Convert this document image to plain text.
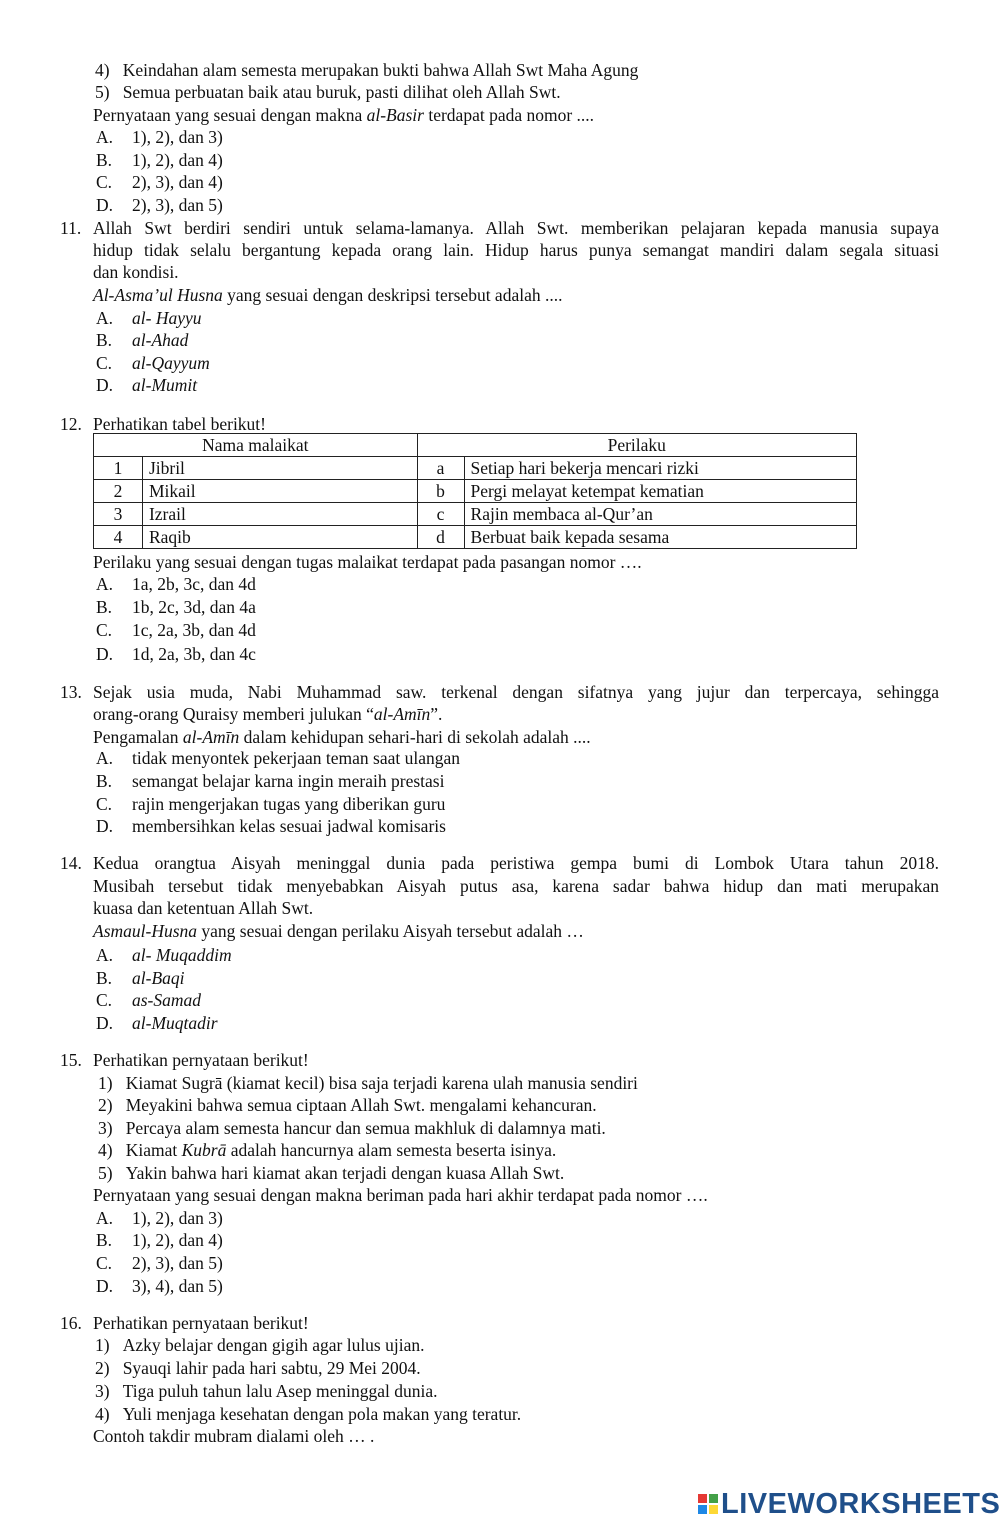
4)   Keindahan alam semesta merupakan bukti bahwa Allah Swt Maha Agung
5)   Semua perbuatan baik atau buruk, pasti dilihat oleh Allah Swt.
Pernyataan yang sesuai dengan makna al-Basir terdapat pada nomor ....
A. 1), 2), dan 3)
B. 1), 2), dan 4)
C. 2), 3), dan 4)
D. 2), 3), dan 5)
11. Allah Swt berdiri sendiri untuk selama-lamanya. Allah Swt. memberikan pelajaran kepada manusia supaya
hidup tidak selalu bergantung kepada orang lain. Hidup harus punya semangat mandiri dalam segala situasi
dan kondisi.
Al-Asma’ul Husna yang sesuai dengan deskripsi tersebut adalah ....
A. al- Hayyu
B. al-Ahad
C. al-Qayyum
D. al-Mumit
12. Perhatikan tabel berikut!
Nama malaikat		Perilaku	
1	Jibril	a	Setiap hari bekerja mencari rizki
2	Mikail	b	Pergi melayat ketempat kematian
3	Izrail	c	Rajin membaca al-Qur’an
4	Raqib	d	Berbuat baik kepada sesama
Perilaku yang sesuai dengan tugas malaikat terdapat pada pasangan nomor ….
A. 1a, 2b, 3c, dan 4d
B. 1b, 2c, 3d, dan 4a
C. 1c, 2a, 3b, dan 4d
D. 1d, 2a, 3b, dan 4c
13. Sejak usia muda, Nabi Muhammad saw. terkenal dengan sifatnya yang jujur dan terpercaya, sehingga
orang-orang Quraisy memberi julukan “al-Amīn”.
Pengamalan al-Amīn dalam kehidupan sehari-hari di sekolah adalah ....
A. tidak menyontek pekerjaan teman saat ulangan
B. semangat belajar karna ingin meraih prestasi
C. rajin mengerjakan tugas yang diberikan guru
D. membersihkan kelas sesuai jadwal komisaris
14. Kedua orangtua Aisyah meninggal dunia pada peristiwa gempa bumi di Lombok Utara tahun 2018.
Musibah tersebut tidak menyebabkan Aisyah putus asa, karena sadar bahwa hidup dan mati merupakan
kuasa dan ketentuan Allah Swt.
Asmaul-Husna yang sesuai dengan perilaku Aisyah tersebut adalah …
A. al- Muqaddim
B. al-Baqi
C. as-Samad
D. al-Muqtadir
15. Perhatikan pernyataan berikut!
1)   Kiamat Sugrā (kiamat kecil) bisa saja terjadi karena ulah manusia sendiri
2)   Meyakini bahwa semua ciptaan Allah Swt. mengalami kehancuran.
3)   Percaya alam semesta hancur dan semua makhluk di dalamnya mati.
4)   Kiamat Kubrā adalah hancurnya alam semesta beserta isinya.
5)   Yakin bahwa hari kiamat akan terjadi dengan kuasa Allah Swt.
Pernyataan yang sesuai dengan makna beriman pada hari akhir terdapat pada nomor ….
A. 1), 2), dan 3)
B. 1), 2), dan 4)
C. 2), 3), dan 5)
D. 3), 4), dan 5)
16. Perhatikan pernyataan berikut!
1)   Azky belajar dengan gigih agar lulus ujian.
2)   Syauqi lahir pada hari sabtu, 29 Mei 2004.
3)   Tiga puluh tahun lalu Asep meninggal dunia.
4)   Yuli menjaga kesehatan dengan pola makan yang teratur.
Contoh takdir mubram dialami oleh … .
LIVEWORKSHEETS
